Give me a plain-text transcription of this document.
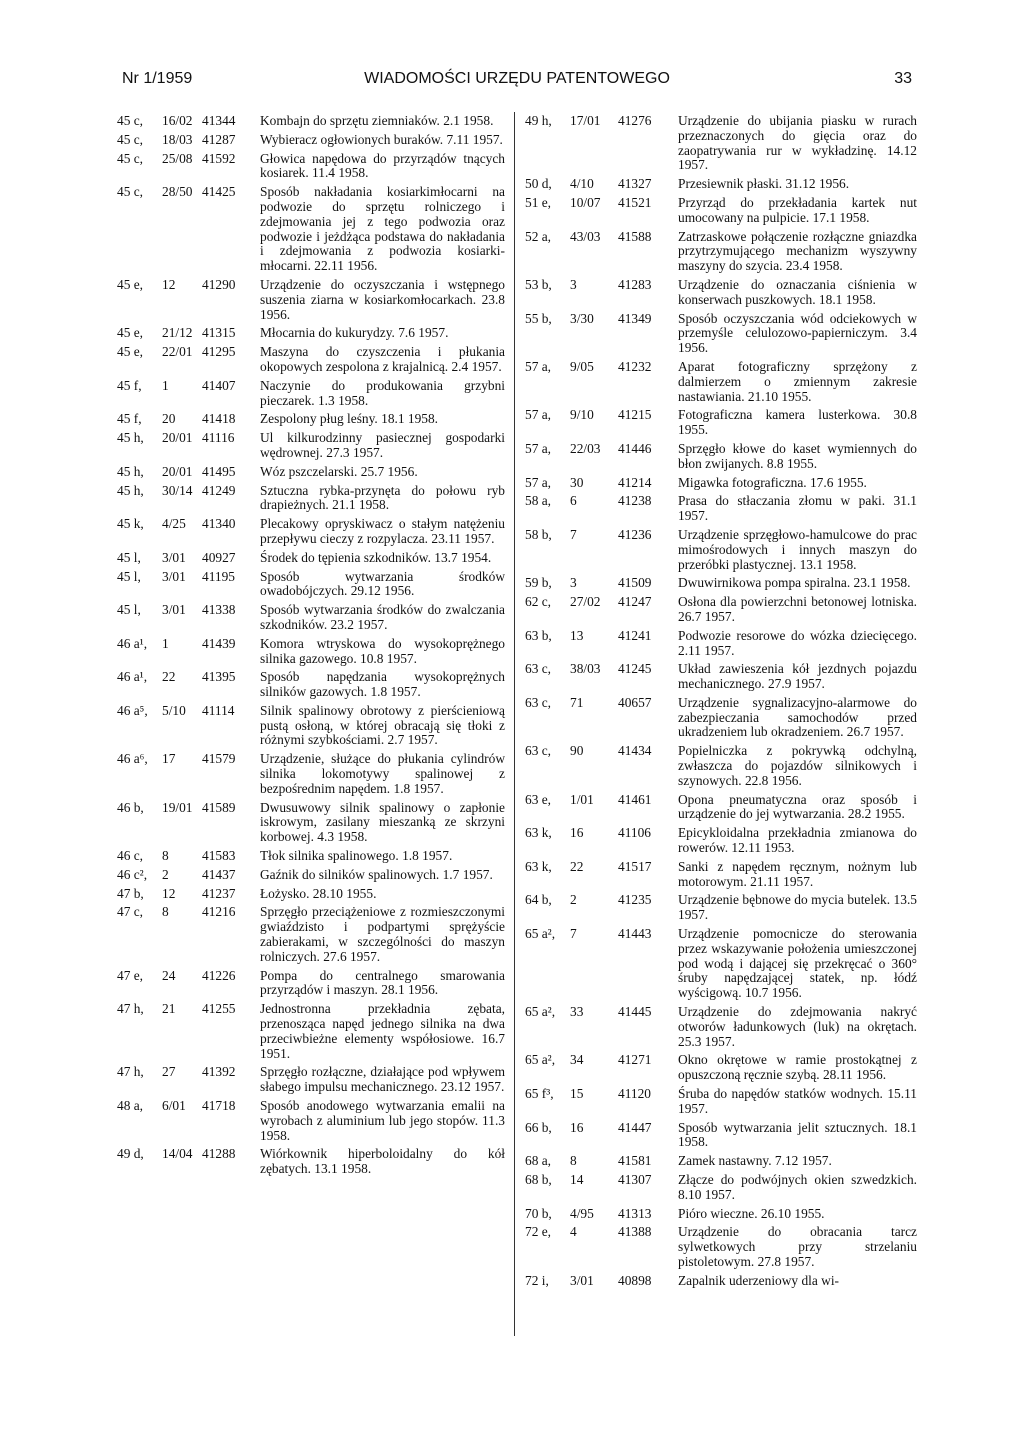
Nr 1/1959	WIADOMOŚCI URZĘDU PATENTOWEGO	33
45 c,	16/02 41344	Kombajn do sprzętu ziemniaków. 2.1 1958.
45 c,	18/03 41287	Wybieracz ogłowionych buraków. 7.11 1957.
45 c,	25/08 41592	Głowica napędowa do przyrządów tnących kosiarek. 11.4 1958.
45 c,	28/50 41425	Sposób nakładania kosiarkimłocarni na podwozie do sprzętu rolniczego i zdejmowania jej z tego podwozia oraz podwozie i jeżdżąca podstawa do nakładania i zdejmowania z podwozia kosiarki-młocarni. 22.11 1956.
45 e,	12	41290	Urządzenie do oczyszczania i wstępnego suszenia ziarna w kosiarkomłocarkach. 23.8 1956.
45 e,	21/12 41315	Młocarnia do kukurydzy. 7.6 1957.
45 e,	22/01 41295	Maszyna do czyszczenia i płukania okopowych zespolona z krajalnicą. 2.4 1957.
45 f,	1	41407	Naczynie do produkowania grzybni pieczarek. 1.3 1958.
45 f,	20	41418	Zespolony pług leśny. 18.1 1958.
45 h,	20/01 41116	Ul kilkurodzinny pasiecznej gospodarki wędrownej. 27.3 1957.
45 h,	20/01 41495	Wóz pszczelarski. 25.7 1956.
45 h,	30/14 41249	Sztuczna rybka-przynęta do połowu ryb drapieżnych. 21.1 1958.
45 k,	4/25	41340	Plecakowy opryskiwacz o stałym natężeniu przepływu cieczy z rozpylacza. 23.11 1957.
45 l,	3/01	40927	Środek do tępienia szkodników. 13.7 1954.
45 l,	3/01	41195	Sposób wytwarzania środków owadobójczych. 29.12 1956.
45 l,	3/01	41338	Sposób wytwarzania środków do zwalczania szkodników. 23.2 1957.
46 a¹,	1	41439	Komora wtryskowa do wysokoprężnego silnika gazowego. 10.8 1957.
46 a¹,	22	41395	Sposób napędzania wysokoprężnych silników gazowych. 1.8 1957.
46 a⁵,	5/10	41114	Silnik spalinowy obrotowy z pierścieniową pustą osłoną, w której obracają się tłoki z różnymi szybkościami. 2.7 1957.
46 a⁶,	17	41579	Urządzenie, służące do płukania cylindrów silnika lokomotywy spalinowej z bezpośrednim napędem. 1.8 1957.
46 b,	19/01 41589	Dwusuwowy silnik spalinowy o zapłonie iskrowym, zasilany mieszanką ze skrzyni korbowej. 4.3 1958.
46 c,	8	41583	Tłok silnika spalinowego. 1.8 1957.
46 c²,	2	41437	Gaźnik do silników spalinowych. 1.7 1957.
47 b,	12	41237	Łożysko. 28.10 1955.
47 c,	8	41216	Sprzęgło przeciążeniowe z rozmieszczonymi gwiaździsto i podpartymi sprężyście zabierakami, w szczególności do maszyn rolniczych. 27.6 1957.
47 e,	24	41226	Pompa do centralnego smarowania przyrządów i maszyn. 28.1 1956.
47 h,	21	41255	Jednostronna przekładnia zębata, przenosząca napęd jednego silnika na dwa przeciwbieżne elementy współosiowe. 16.7 1951.
47 h,	27	41392	Sprzęgło rozłączne, działające pod wpływem słabego impulsu mechanicznego. 23.12 1957.
48 a,	6/01	41718	Sposób anodowego wytwarzania emalii na wyrobach z aluminium lub jego stopów. 11.3 1958.
49 d,	14/04 41288	Wiórkownik hiperboloidalny do kół zębatych. 13.1 1958.
49 h,	17/01	41276	Urządzenie do ubijania piasku w rurach przeznaczonych do gięcia oraz do zaopatrywania rur w wykładzinę. 14.12 1957.
50 d,	4/10	41327	Przesiewnik płaski. 31.12 1956.
51 e,	10/07	41521	Przyrząd do przekładania kartek nut umocowany na pulpicie. 17.1 1958.
52 a,	43/03	41588	Zatrzaskowe połączenie rozłączne gniazdka przytrzymującego mechanizm wyszywny maszyny do szycia. 23.4 1958.
53 b,	3	41283	Urządzenie do oznaczania ciśnienia w konserwach puszkowych. 18.1 1958.
55 b,	3/30	41349	Sposób oczyszczania wód odciekowych w przemyśle celulozowo-papierniczym. 3.4 1956.
57 a,	9/05	41232	Aparat fotograficzny sprzężony z dalmierzem o zmiennym zakresie nastawiania. 21.10 1955.
57 a,	9/10	41215	Fotograficzna kamera lusterkowa. 30.8 1955.
57 a,	22/03	41446	Sprzęgło kłowe do kaset wymiennych do błon zwijanych. 8.8 1955.
57 a,	30	41214	Migawka fotograficzna. 17.6 1955.
58 a,	6	41238	Prasa do stłaczania złomu w paki. 31.1 1957.
58 b,	7	41236	Urządzenie sprzęgłowo-hamulcowe do prac mimośrodowych i innych maszyn do przeróbki plastycznej. 13.1 1958.
59 b,	3	41509	Dwuwirnikowa pompa spiralna. 23.1 1958.
62 c,	27/02	41247	Osłona dla powierzchni betonowej lotniska. 26.7 1957.
63 b,	13	41241	Podwozie resorowe do wózka dziecięcego. 2.11 1957.
63 c,	38/03	41245	Układ zawieszenia kół jezdnych pojazdu mechanicznego. 27.9 1957.
63 c,	71	40657	Urządzenie sygnalizacyjno-alarmowe do zabezpieczania samochodów przed ukradzeniem lub okradzeniem. 26.7 1957.
63 c,	90	41434	Popielniczka z pokrywką odchylną, zwłaszcza do pojazdów silnikowych i szynowych. 22.8 1956.
63 e,	1/01	41461	Opona pneumatyczna oraz sposób i urządzenie do jej wytwarzania. 28.2 1955.
63 k,	16	41106	Epicykloidalna przekładnia zmianowa do rowerów. 12.11 1953.
63 k,	22	41517	Sanki z napędem ręcznym, nożnym lub motorowym. 21.11 1957.
64 b,	2	41235	Urządzenie bębnowe do mycia butelek. 13.5 1957.
65 a²,	7	41443	Urządzenie pomocnicze do sterowania przez wskazywanie położenia umieszczonej pod wodą i dającej się przekręcać o 360° śruby napędzającej statek, np. łódź wyścigową. 10.7 1956.
65 a²,	33	41445	Urządzenie do zdejmowania nakryć otworów ładunkowych (luk) na okrętach. 25.3 1957.
65 a²,	34	41271	Okno okrętowe w ramie prostokątnej z opuszczoną ręcznie szybą. 28.11 1956.
65 f³,	15	41120	Śruba do napędów statków wodnych. 15.11 1957.
66 b,	16	41447	Sposób wytwarzania jelit sztucznych. 18.1 1958.
68 a,	8	41581	Zamek nastawny. 7.12 1957.
68 b,	14	41307	Złącze do podwójnych okien szwedzkich. 8.10 1957.
70 b,	4/95	41313	Pióro wieczne. 26.10 1955.
72 e,	4	41388	Urządzenie do obracania tarcz sylwetkowych przy strzelaniu pistoletowym. 27.8 1957.
72 i,	3/01	40898	Zapalnik uderzeniowy dla wi-
